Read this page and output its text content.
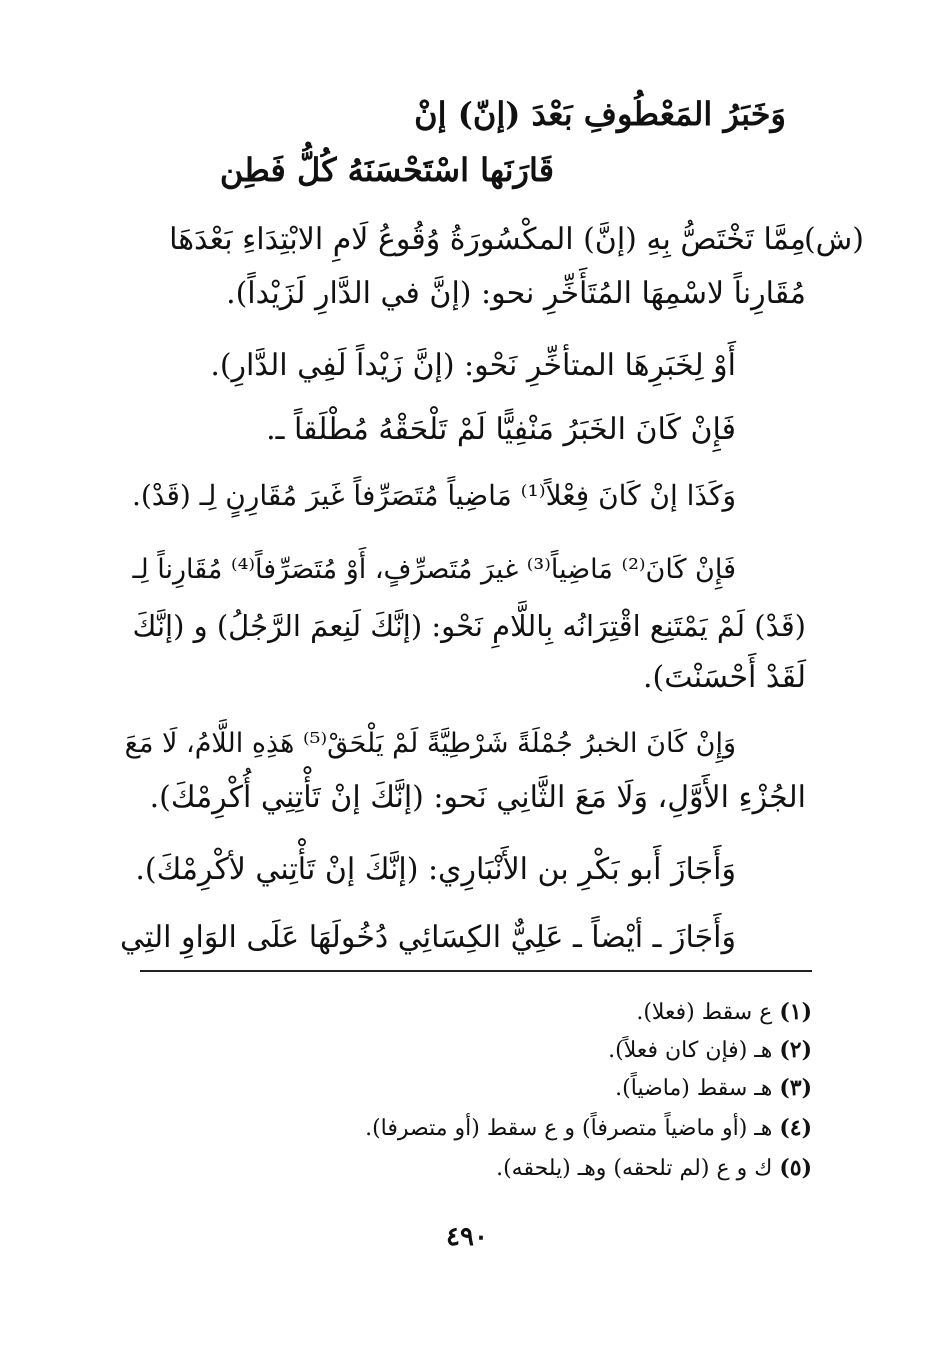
وَخَبَرُ المَعْطُوفِ بَعْدَ (إنّ) إنْ
قَارَنَها اسْتَحْسَنَهُ كُلُّ فَطِن
(ش)
مِمَّا تَخْتَصُّ بِهِ (إنَّ) المكْسُورَةُ وُقُوعُ لَامِ الابْتِدَاءِ بَعْدَهَا
مُقَارِناً لاسْمِهَا المُتَأَخِّرِ نحو: (إنَّ في الدَّارِ لَزَيْداً).
أَوْ لِخَبَرِهَا المتأخِّرِ نَحْو: (إنَّ زَيْداً لَفِي الدَّارِ).
فَإِنْ كَانَ الخَبَرُ مَنْفِيًّا لَمْ تَلْحَقْهُ مُطْلَقاً ـ.
وَكَذَا إنْ كَانَ فِعْلاً⁽¹⁾ مَاضِياً مُتَصَرِّفاً غَيرَ مُقَارِنٍ لِـ (قَدْ).
فَإِنْ كَانَ⁽²⁾ مَاضِياً⁽³⁾ غيرَ مُتَصرِّفٍ، أَوْ مُتَصَرِّفاً⁽⁴⁾ مُقَارِناً لِـ
(قَدْ) لَمْ يَمْتَنِع اقْتِرَانُه بِاللَّامِ نَحْو: (إنَّكَ لَنِعمَ الرَّجُلُ) و (إنَّكَ
لَقَدْ أَحْسَنْتَ).
وَإِنْ كَانَ الخبرُ جُمْلَةً شَرْطِيَّةً لَمْ يَلْحَقْ⁽⁵⁾ هَذِهِ اللَّامُ، لَا مَعَ
الجُزْءِ الأَوَّلِ، وَلَا مَعَ الثَّانِي نَحو: (إنَّكَ إنْ تَأْتِنِي أُكْرِمْكَ).
وَأَجَازَ أَبو بَكْرِ بن الأَنْبَارِي: (إنَّكَ إنْ تَأْتِني لأكْرِمْكَ).
وَأَجَازَ ـ أيْضاً ـ عَلِيٌّ الكِسَائِي دُخُولَهَا عَلَى الوَاوِ التِي
(١) ع سقط (فعلا).
(٢) هـ (فإن كان فعلاً).
(٣) هـ سقط (ماضياً).
(٤) هـ (أو ماضياً متصرفاً) و ع سقط (أو متصرفا).
(٥) ك و ع (لم تلحقه) وهـ (يلحقه).
٤٩٠
